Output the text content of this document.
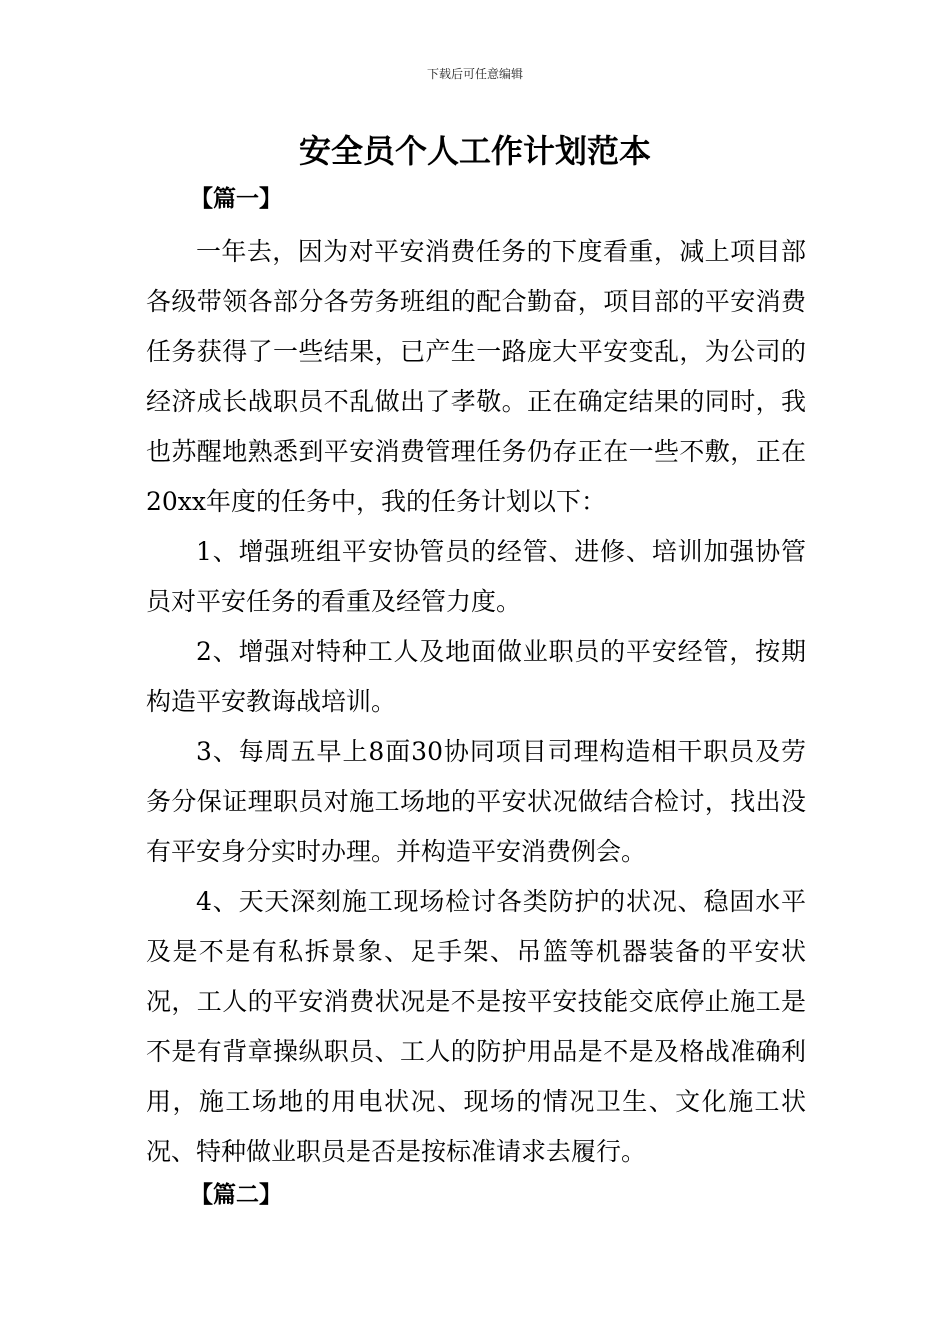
下载后可任意编辑
安全员个人工作计划范本
【篇一】

一年去，因为对平安消费任务的下度看重，减上项目部各级带领各部分各劳务班组的配合勤奋，项目部的平安消费任务获得了一些结果，已产生一路庞大平安变乱，为公司的经济成长战职员不乱做出了孝敬。正在确定结果的同时，我也苏醒地熟悉到平安消费管理任务仍存正在一些不敷，正在20xx年度的任务中，我的任务计划以下：

1、增强班组平安协管员的经管、进修、培训加强协管员对平安任务的看重及经管力度。

2、增强对特种工人及地面做业职员的平安经管，按期构造平安教诲战培训。

3、每周五早上8面30协同项目司理构造相干职员及劳务分保证理职员对施工场地的平安状况做结合检讨，找出没有平安身分实时办理。并构造平安消费例会。

4、天天深刻施工现场检讨各类防护的状况、稳固水平及是不是有私拆景象、足手架、吊篮等机器装备的平安状况，工人的平安消费状况是不是按平安技能交底停止施工是不是有背章操纵职员、工人的防护用品是不是及格战准确利用，施工场地的用电状况、现场的情况卫生、文化施工状况、特种做业职员是否是按标准请求去履行。

【篇二】
